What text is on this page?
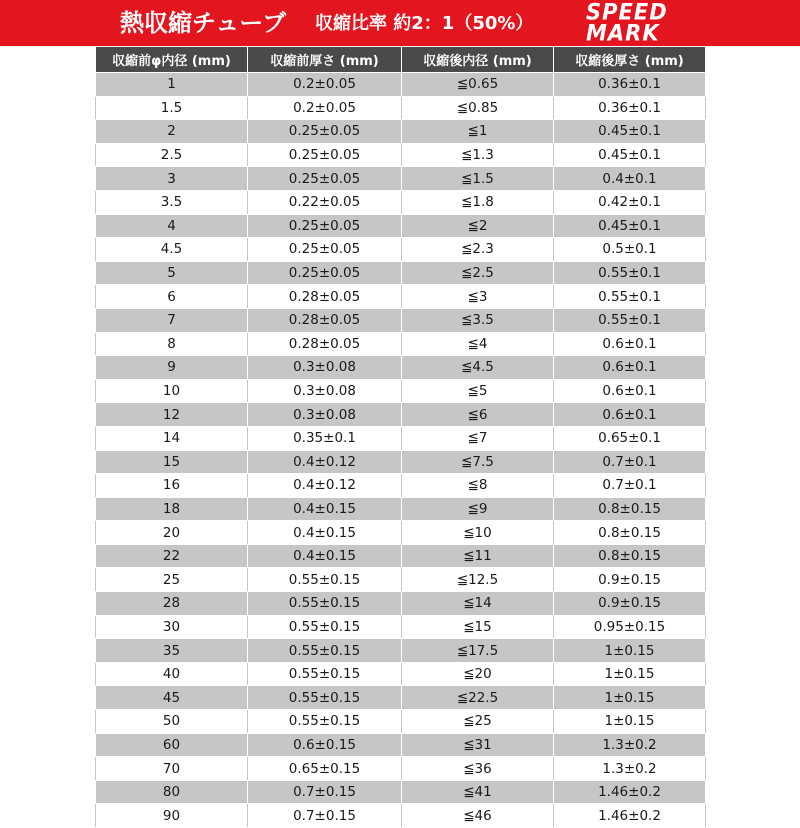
熱収縮チューブ 収縮比率 約2：1（50%）	SPEED
MARK
収縮前φ内径 (mm)	収縮前厚さ (mm)	収縮後内径 (mm)	収縮後厚さ (mm)
1	0.2±0.05	≦0.65	0.36±0.1
1.5	0.2±0.05	≦0.85	0.36±0.1
2	0.25±0.05	≦1	0.45±0.1
2.5	0.25±0.05	≦1.3	0.45±0.1
3	0.25±0.05	≦1.5	0.4±0.1
3.5	0.22±0.05	≦1.8	0.42±0.1
4	0.25±0.05	≦2	0.45±0.1
4.5	0.25±0.05	≦2.3	0.5±0.1
5	0.25±0.05	≦2.5	0.55±0.1
6	0.28±0.05	≦3	0.55±0.1
7	0.28±0.05	≦3.5	0.55±0.1
8	0.28±0.05	≦4	0.6±0.1
9	0.3±0.08	≦4.5	0.6±0.1
10	0.3±0.08	≦5	0.6±0.1
12	0.3±0.08	≦6	0.6±0.1
14	0.35±0.1	≦7	0.65±0.1
15	0.4±0.12	≦7.5	0.7±0.1
16	0.4±0.12	≦8	0.7±0.1
18	0.4±0.15	≦9	0.8±0.15
20	0.4±0.15	≦10	0.8±0.15
22	0.4±0.15	≦11	0.8±0.15
25	0.55±0.15	≦12.5	0.9±0.15
28	0.55±0.15	≦14	0.9±0.15
30	0.55±0.15	≦15	0.95±0.15
35	0.55±0.15	≦17.5	1±0.15
40	0.55±0.15	≦20	1±0.15
45	0.55±0.15	≦22.5	1±0.15
50	0.55±0.15	≦25	1±0.15
60	0.6±0.15	≦31	1.3±0.2
70	0.65±0.15	≦36	1.3±0.2
80	0.7±0.15	≦41	1.46±0.2
90	0.7±0.15	≦46	1.46±0.2
